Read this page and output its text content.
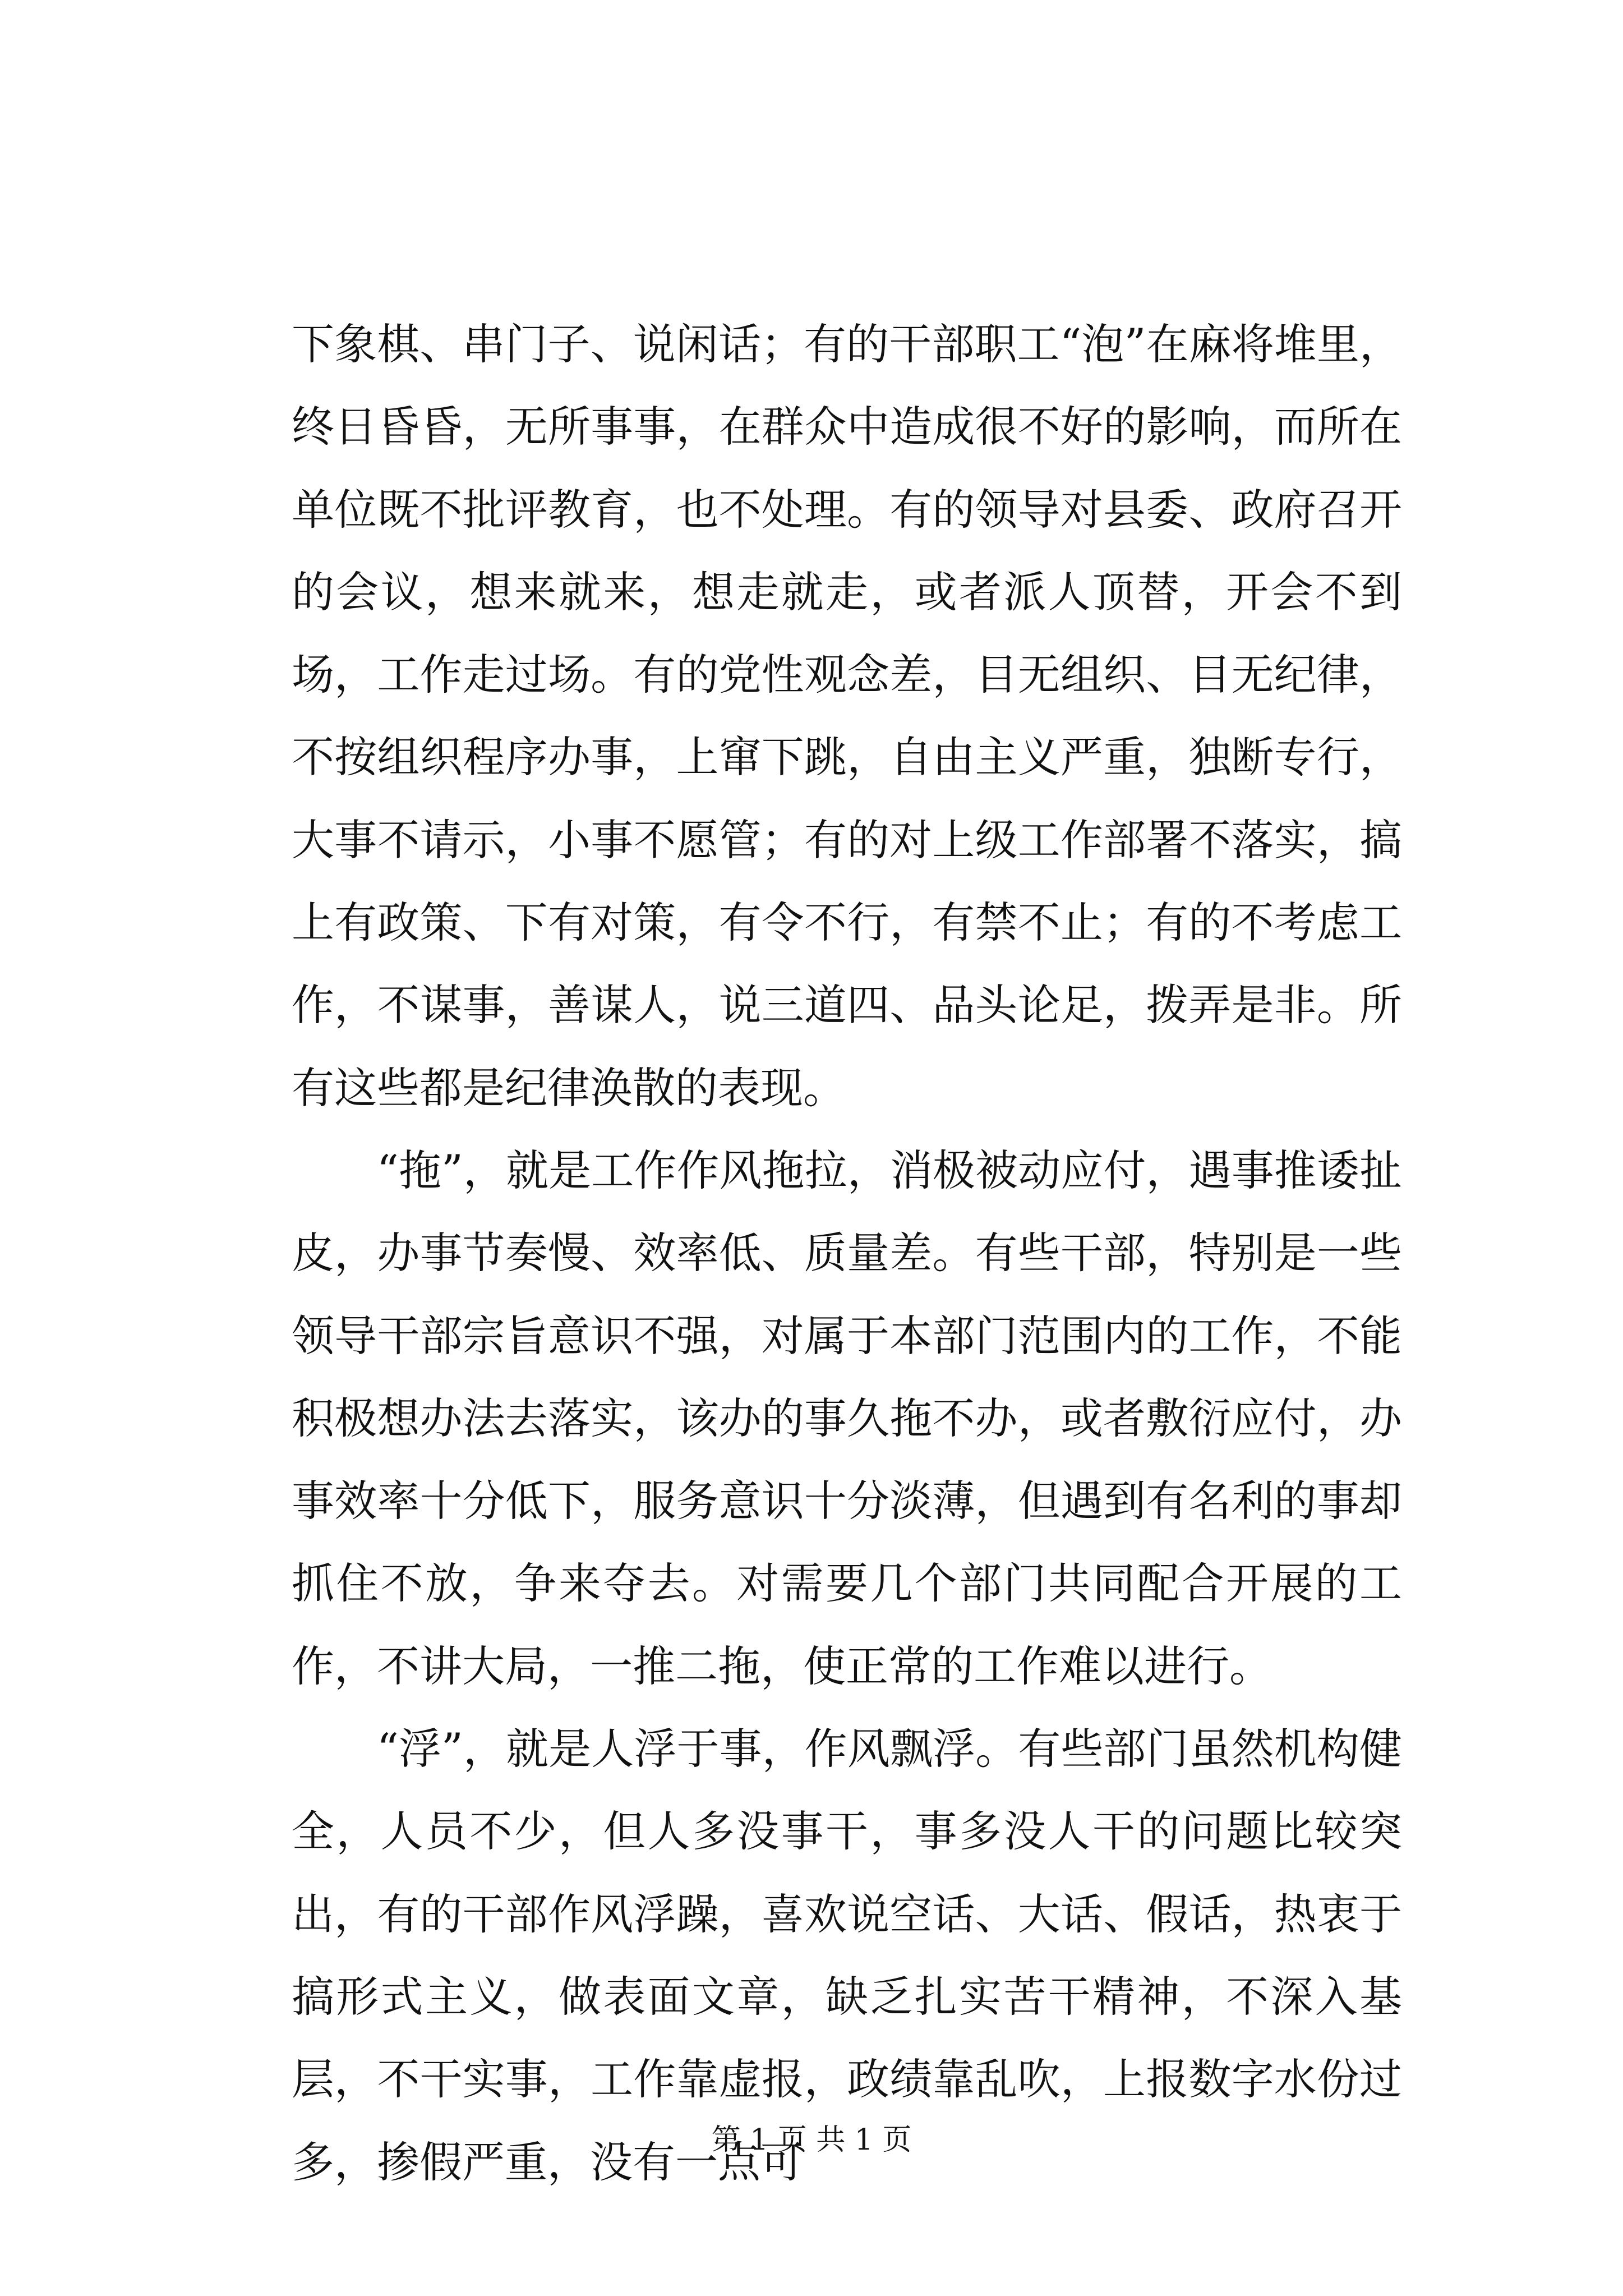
下象棋、串门子、说闲话；有的干部职工“泡”在麻将堆里，终日昏昏，无所事事，在群众中造成很不好的影响，而所在单位既不批评教育，也不处理。有的领导对县委、政府召开的会议，想来就来，想走就走，或者派人顶替，开会不到场，工作走过场。有的党性观念差，目无组织、目无纪律，不按组织程序办事，上窜下跳，自由主义严重，独断专行，大事不请示，小事不愿管；有的对上级工作部署不落实，搞上有政策、下有对策，有令不行，有禁不止；有的不考虑工作，不谋事，善谋人，说三道四、品头论足，拨弄是非。所有这些都是纪律涣散的表现。

“拖”，就是工作作风拖拉，消极被动应付，遇事推诿扯皮，办事节奏慢、效率低、质量差。有些干部，特别是一些领导干部宗旨意识不强，对属于本部门范围内的工作，不能积极想办法去落实，该办的事久拖不办，或者敷衍应付，办事效率十分低下，服务意识十分淡薄，但遇到有名利的事却抓住不放，争来夺去。对需要几个部门共同配合开展的工作，不讲大局，一推二拖，使正常的工作难以进行。

“浮”，就是人浮于事，作风飘浮。有些部门虽然机构健全，人员不少，但人多没事干，事多没人干的问题比较突出，有的干部作风浮躁，喜欢说空话、大话、假话，热衷于搞形式主义，做表面文章，缺乏扎实苦干精神，不深入基层，不干实事，工作靠虚报，政绩靠乱吹，上报数字水份过多，掺假严重，没有一点可

第 1 页 共 1 页
